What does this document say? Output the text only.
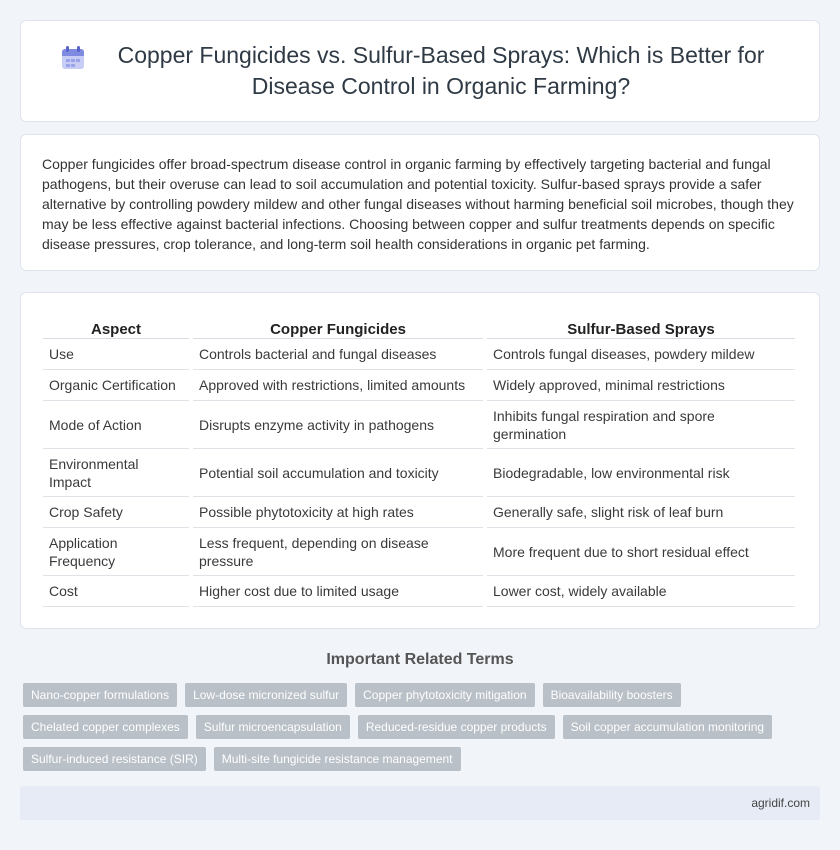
Copper Fungicides vs. Sulfur-Based Sprays: Which is Better for Disease Control in Organic Farming?

Copper fungicides offer broad-spectrum disease control in organic farming by effectively targeting bacterial and fungal pathogens, but their overuse can lead to soil accumulation and potential toxicity. Sulfur-based sprays provide a safer alternative by controlling powdery mildew and other fungal diseases without harming beneficial soil microbes, though they may be less effective against bacterial infections. Choosing between copper and sulfur treatments depends on specific disease pressures, crop tolerance, and long-term soil health considerations in organic pet farming.

Aspect	Copper Fungicides	Sulfur-Based Sprays
Use	Controls bacterial and fungal diseases	Controls fungal diseases, powdery mildew
Organic Certification	Approved with restrictions, limited amounts	Widely approved, minimal restrictions
Mode of Action	Disrupts enzyme activity in pathogens	Inhibits fungal respiration and spore germination
Environmental Impact	Potential soil accumulation and toxicity	Biodegradable, low environmental risk
Crop Safety	Possible phytotoxicity at high rates	Generally safe, slight risk of leaf burn
Application Frequency	Less frequent, depending on disease pressure	More frequent due to short residual effect
Cost	Higher cost due to limited usage	Lower cost, widely available
Important Related Terms
Nano-copper formulations	Low-dose micronized sulfur	Copper phytotoxicity mitigation	Bioavailability boosters
Chelated copper complexes	Sulfur microencapsulation	Reduced-residue copper products	Soil copper accumulation monitoring
Sulfur-induced resistance (SIR)	Multi-site fungicide resistance management
agridif.com
